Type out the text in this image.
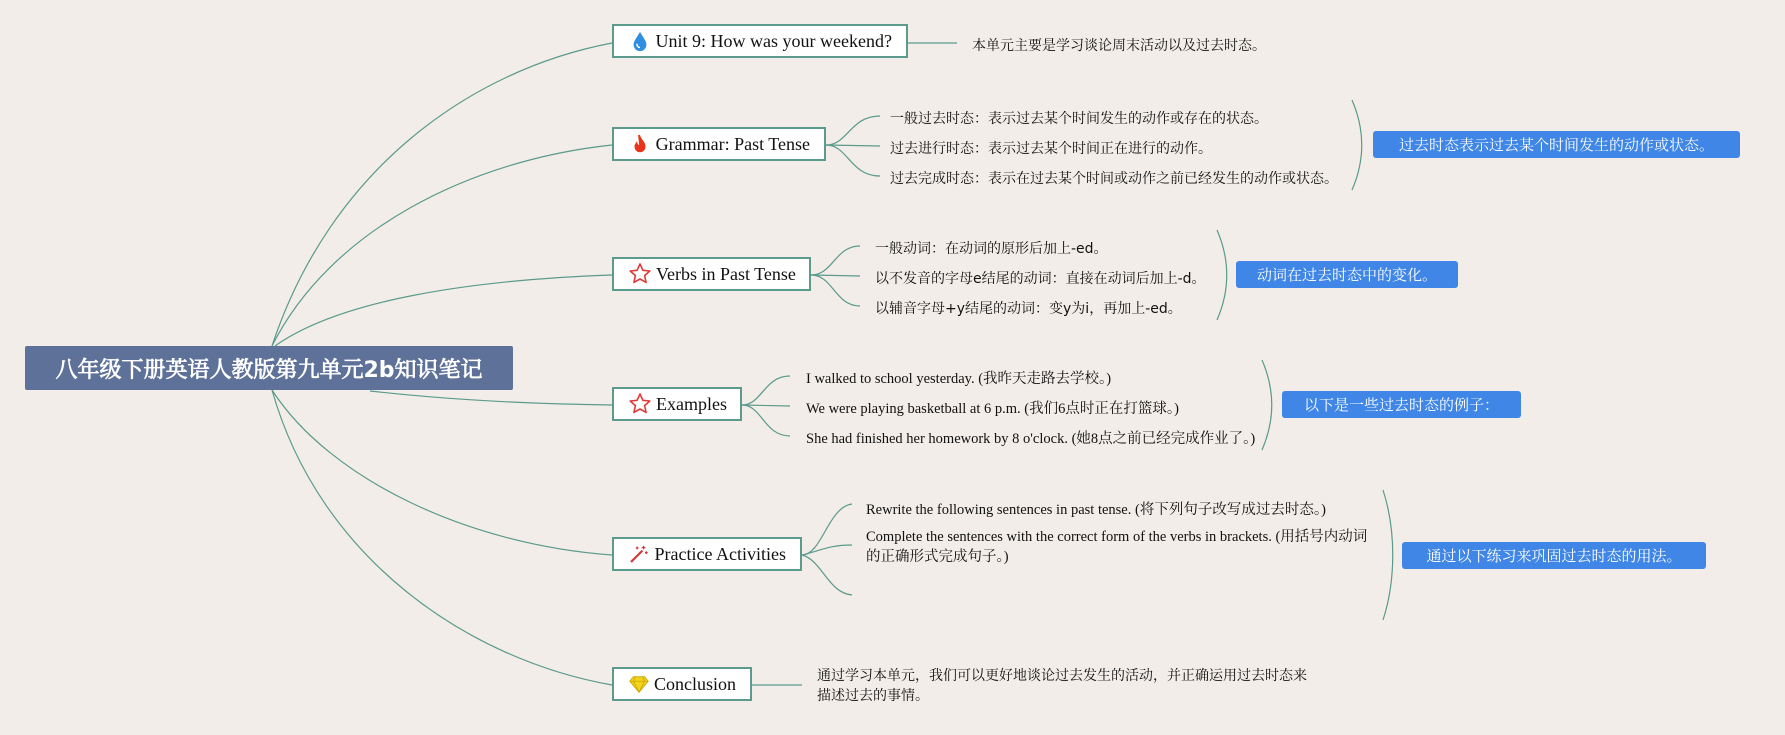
八年级下册英语人教版第九单元2b知识笔记
Unit 9: How was your weekend?	本单元主要是学习谈论周末活动以及过去时态。
Grammar: Past Tense
一般过去时态：表示过去某个时间发生的动作或存在的状态。
过去进行时态：表示过去某个时间正在进行的动作。
过去完成时态：表示在过去某个时间或动作之前已经发生的动作或状态。
过去时态表示过去某个时间发生的动作或状态。
Verbs in Past Tense
一般动词：在动词的原形后加上-ed。
以不发音的字母e结尾的动词：直接在动词后加上-d。
以辅音字母+y结尾的动词：变y为i，再加上-ed。
动词在过去时态中的变化。
Examples
I walked to school yesterday. (我昨天走路去学校。)
We were playing basketball at 6 p.m. (我们6点时正在打篮球。)
She had finished her homework by 8 o'clock. (她8点之前已经完成作业了。)
以下是一些过去时态的例子：
Practice Activities
Rewrite the following sentences in past tense. (将下列句子改写成过去时态。)
Complete the sentences with the correct form of the verbs in brackets. (用括号内动词的正确形式完成句子。)	通过以下练习来巩固过去时态的用法。
Conclusion	通过学习本单元，我们可以更好地谈论过去发生的活动，并正确运用过去时态来描述过去的事情。
